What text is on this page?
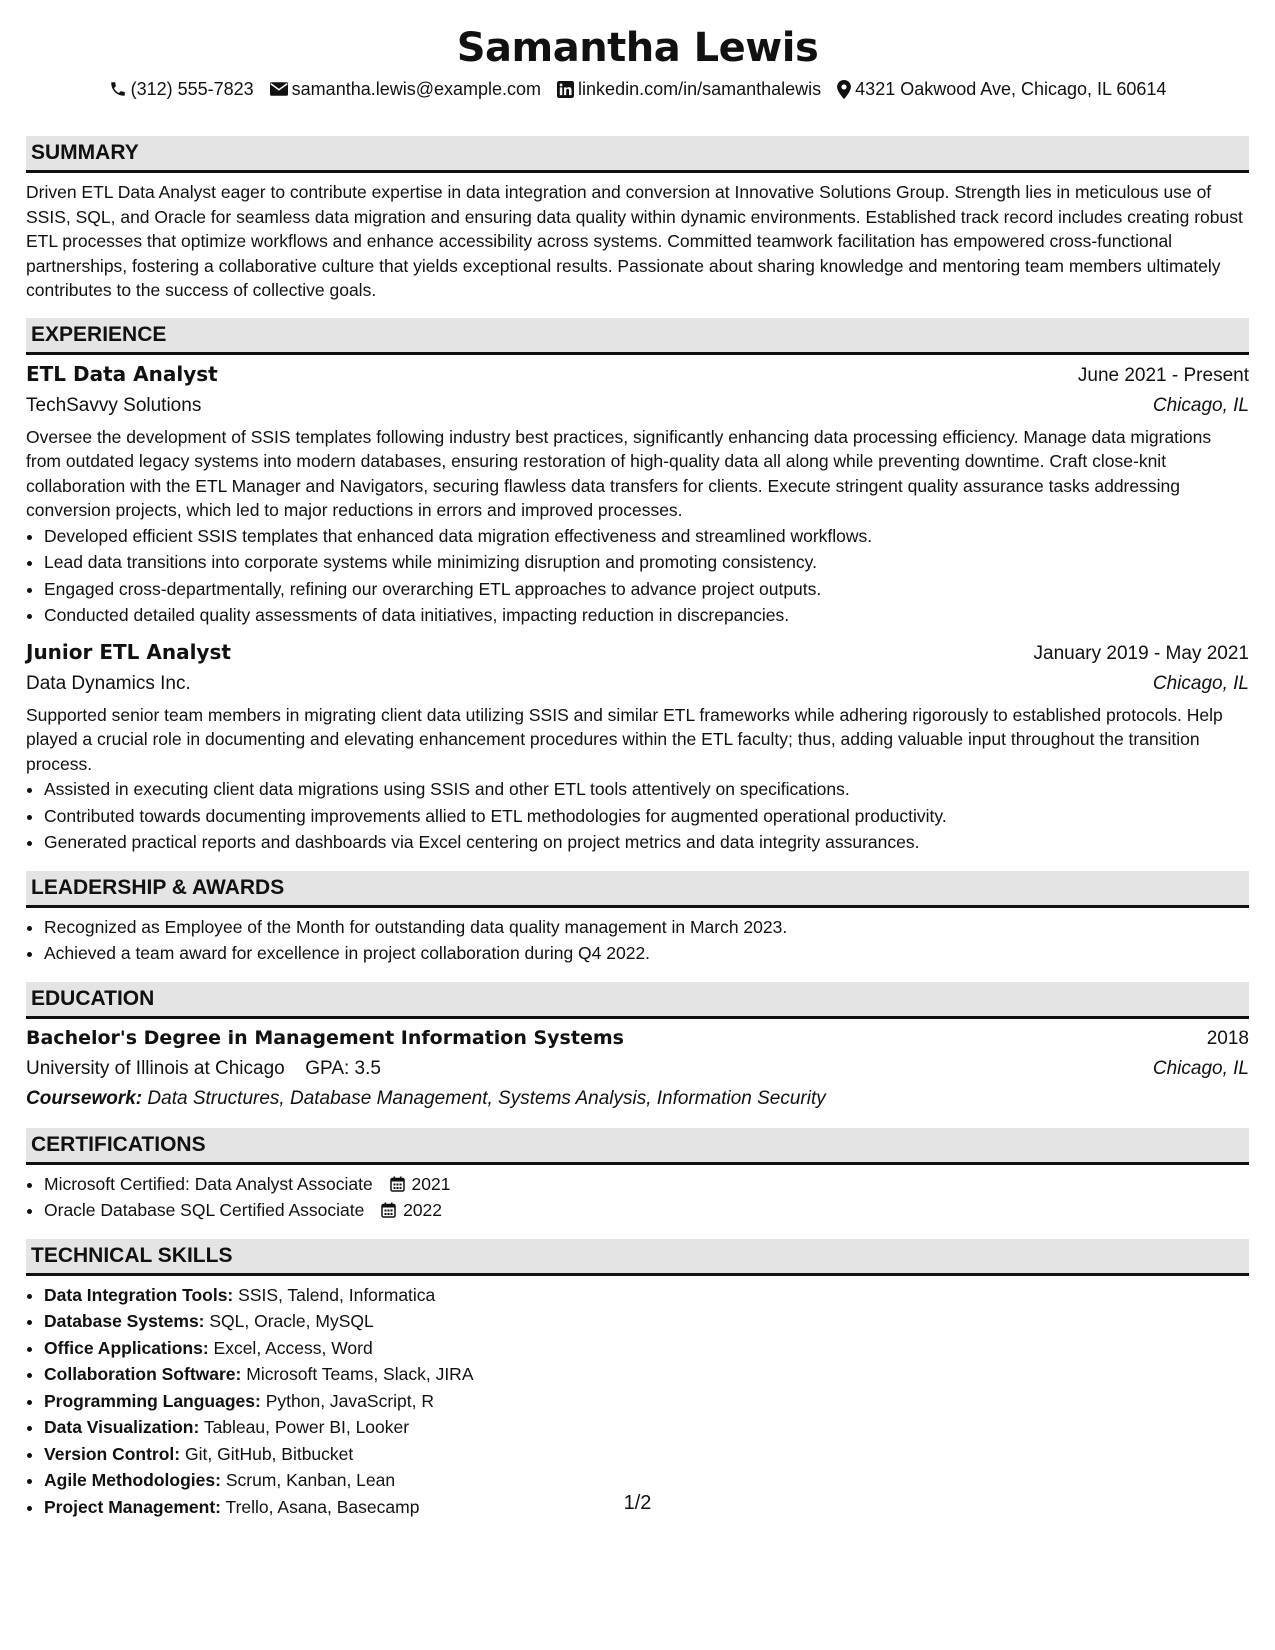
Samantha Lewis
(312) 555-7823 samantha.lewis@example.com linkedin.com/in/samanthalewis 4321 Oakwood Ave, Chicago, IL 60614
SUMMARY
Driven ETL Data Analyst eager to contribute expertise in data integration and conversion at Innovative Solutions Group. Strength lies in meticulous use of SSIS, SQL, and Oracle for seamless data migration and ensuring data quality within dynamic environments. Established track record includes creating robust ETL processes that optimize workflows and enhance accessibility across systems. Committed teamwork facilitation has empowered cross-functional partnerships, fostering a collaborative culture that yields exceptional results. Passionate about sharing knowledge and mentoring team members ultimately contributes to the success of collective goals.
EXPERIENCE
ETL Data Analyst	June 2021 - Present
TechSavvy Solutions	Chicago, IL
Oversee the development of SSIS templates following industry best practices, significantly enhancing data processing efficiency. Manage data migrations from outdated legacy systems into modern databases, ensuring restoration of high-quality data all along while preventing downtime. Craft close-knit collaboration with the ETL Manager and Navigators, securing flawless data transfers for clients. Execute stringent quality assurance tasks addressing conversion projects, which led to major reductions in errors and improved processes.
• Developed efficient SSIS templates that enhanced data migration effectiveness and streamlined workflows.
• Lead data transitions into corporate systems while minimizing disruption and promoting consistency.
• Engaged cross-departmentally, refining our overarching ETL approaches to advance project outputs.
• Conducted detailed quality assessments of data initiatives, impacting reduction in discrepancies.
Junior ETL Analyst	January 2019 - May 2021
Data Dynamics Inc.	Chicago, IL
Supported senior team members in migrating client data utilizing SSIS and similar ETL frameworks while adhering rigorously to established protocols. Help played a crucial role in documenting and elevating enhancement procedures within the ETL faculty; thus, adding valuable input throughout the transition process.
• Assisted in executing client data migrations using SSIS and other ETL tools attentively on specifications.
• Contributed towards documenting improvements allied to ETL methodologies for augmented operational productivity.
• Generated practical reports and dashboards via Excel centering on project metrics and data integrity assurances.
LEADERSHIP & AWARDS
• Recognized as Employee of the Month for outstanding data quality management in March 2023.
• Achieved a team award for excellence in project collaboration during Q4 2022.
EDUCATION
Bachelor's Degree in Management Information Systems	2018
University of Illinois at Chicago GPA: 3.5	Chicago, IL
Coursework: Data Structures, Database Management, Systems Analysis, Information Security
CERTIFICATIONS
• Microsoft Certified: Data Analyst Associate 2021
• Oracle Database SQL Certified Associate 2022
TECHNICAL SKILLS
• Data Integration Tools: SSIS, Talend, Informatica
• Database Systems: SQL, Oracle, MySQL
• Office Applications: Excel, Access, Word
• Collaboration Software: Microsoft Teams, Slack, JIRA
• Programming Languages: Python, JavaScript, R
• Data Visualization: Tableau, Power BI, Looker
• Version Control: Git, GitHub, Bitbucket
• Agile Methodologies: Scrum, Kanban, Lean
• Project Management: Trello, Asana, Basecamp	1/2
